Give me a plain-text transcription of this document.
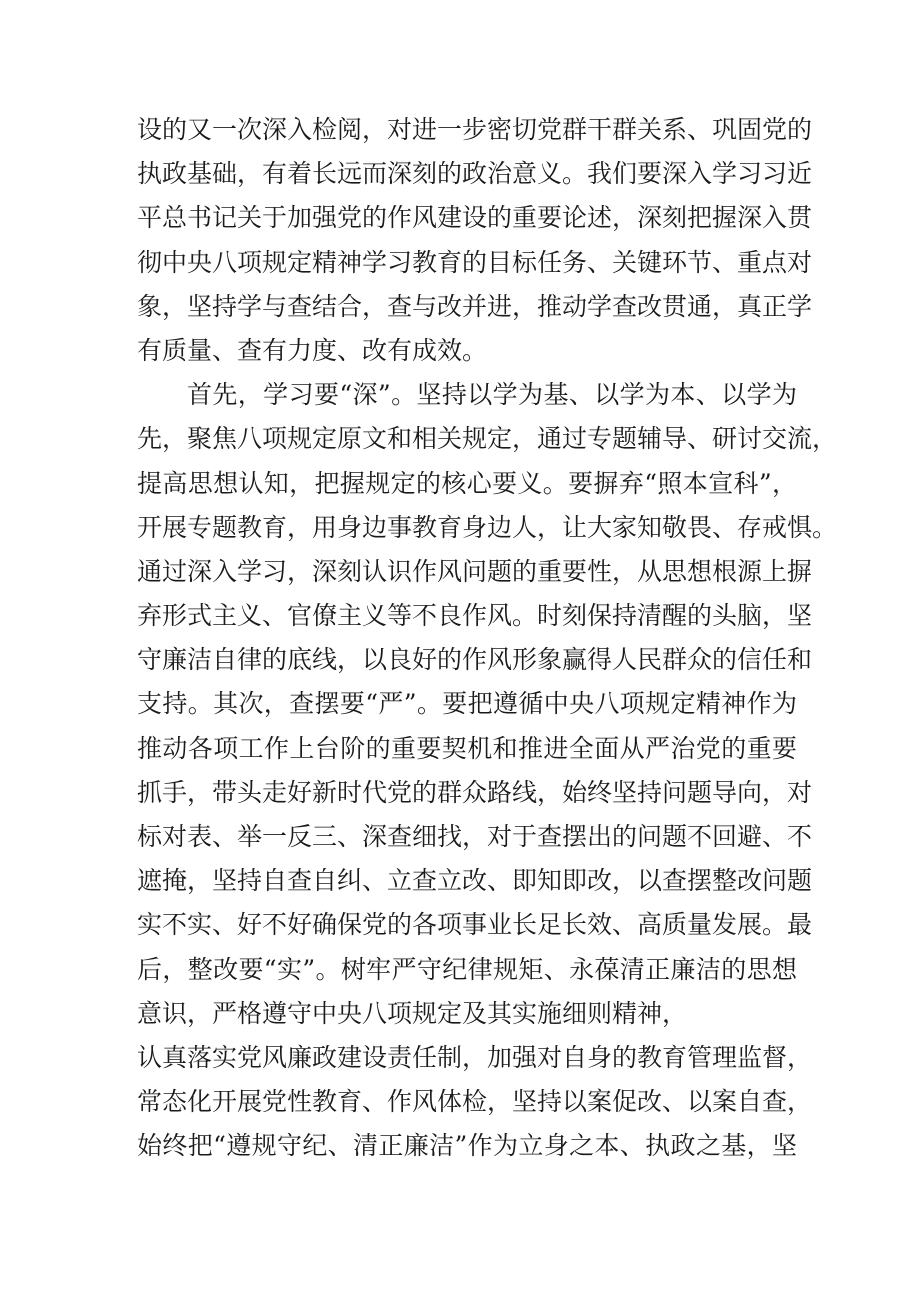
设的又一次深入检阅，对进一步密切党群干群关系、巩固党的
执政基础，有着长远而深刻的政治意义。我们要深入学习习近
平总书记关于加强党的作风建设的重要论述，深刻把握深入贯
彻中央八项规定精神学习教育的目标任务、关键环节、重点对
象，坚持学与查结合，查与改并进，推动学查改贯通，真正学
有质量、查有力度、改有成效。
首先，学习要“深”。坚持以学为基、以学为本、以学为
先，聚焦八项规定原文和相关规定，通过专题辅导、研讨交流，
提高思想认知，把握规定的核心要义。要摒弃“照本宣科”，
开展专题教育，用身边事教育身边人，让大家知敬畏、存戒惧。
通过深入学习，深刻认识作风问题的重要性，从思想根源上摒
弃形式主义、官僚主义等不良作风。时刻保持清醒的头脑，坚
守廉洁自律的底线，以良好的作风形象赢得人民群众的信任和
支持。其次，查摆要“严”。要把遵循中央八项规定精神作为
推动各项工作上台阶的重要契机和推进全面从严治党的重要
抓手，带头走好新时代党的群众路线，始终坚持问题导向，对
标对表、举一反三、深查细找，对于查摆出的问题不回避、不
遮掩，坚持自查自纠、立查立改、即知即改，以查摆整改问题
实不实、好不好确保党的各项事业长足长效、高质量发展。最
后，整改要“实”。树牢严守纪律规矩、永葆清正廉洁的思想
意识，严格遵守中央八项规定及其实施细则精神，
认真落实党风廉政建设责任制，加强对自身的教育管理监督，
常态化开展党性教育、作风体检，坚持以案促改、以案自查，
始终把“遵规守纪、清正廉洁”作为立身之本、执政之基，坚
